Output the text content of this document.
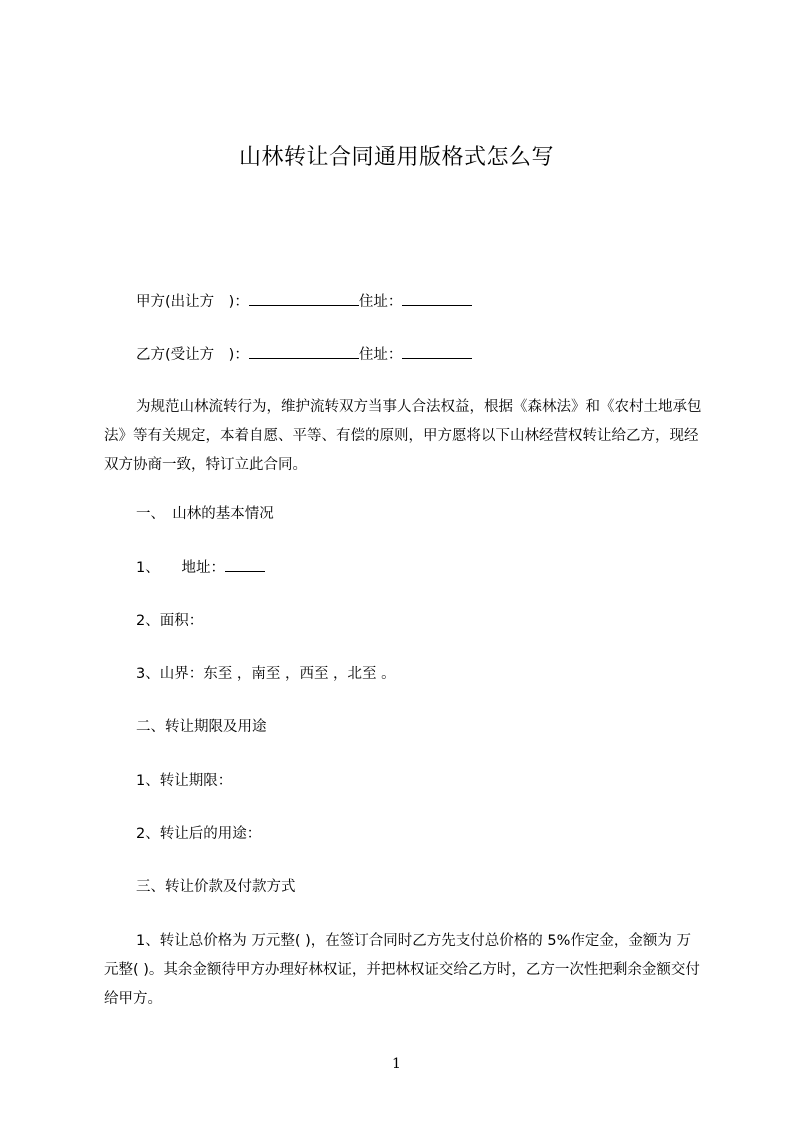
山林转让合同通用版格式怎么写

甲方(出让方　)：	住址：

乙方(受让方　)：	住址：

为规范山林流转行为，维护流转双方当事人合法权益，根据《森林法》和《农村土地承包法》等有关规定，本着自愿、平等、有偿的原则，甲方愿将以下山林经营权转让给乙方，现经双方协商一致，特订立此合同。

一、　山林的基本情况

1、　　地址：

2、面积：

3、山界：东至 ，南至 ，西至 ，北至 。

二、转让期限及用途

1、转让期限：

2、转让后的用途：

三、转让价款及付款方式

1、转让总价格为 万元整( )，在签订合同时乙方先支付总价格的 5%作定金，金额为 万元整( )。其余金额待甲方办理好林权证，并把林权证交给乙方时，乙方一次性把剩余金额交付给甲方。

1
